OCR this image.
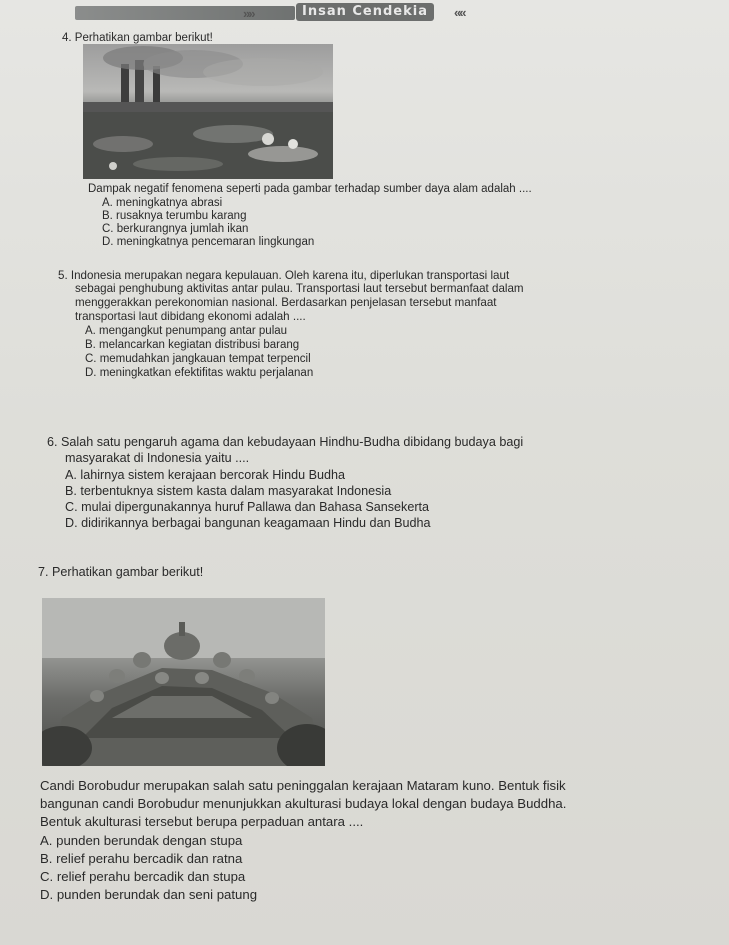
»»	Insan Cendekia	««
4. Perhatikan gambar berikut!
Dampak negatif fenomena seperti pada gambar terhadap sumber daya alam adalah ....
A. meningkatnya abrasi
B. rusaknya terumbu karang
C. berkurangnya jumlah ikan
D. meningkatnya pencemaran lingkungan
5. Indonesia merupakan negara kepulauan. Oleh karena itu, diperlukan transportasi laut
sebagai penghubung aktivitas antar pulau. Transportasi laut tersebut bermanfaat dalam
menggerakkan perekonomian nasional. Berdasarkan penjelasan tersebut manfaat
transportasi laut dibidang ekonomi adalah ....
A. mengangkut penumpang antar pulau
B. melancarkan kegiatan distribusi barang
C. memudahkan jangkauan tempat terpencil
D. meningkatkan efektifitas waktu perjalanan
6. Salah satu pengaruh agama dan kebudayaan Hindhu-Budha dibidang budaya bagi
masyarakat di Indonesia yaitu ....
A. lahirnya sistem kerajaan bercorak Hindu Budha
B. terbentuknya sistem kasta dalam masyarakat Indonesia
C. mulai dipergunakannya huruf Pallawa dan Bahasa Sansekerta
D. didirikannya berbagai bangunan keagamaan Hindu dan Budha
7. Perhatikan gambar berikut!
Candi Borobudur merupakan salah satu peninggalan kerajaan Mataram kuno. Bentuk fisik
bangunan candi Borobudur menunjukkan akulturasi budaya lokal dengan budaya Buddha.
Bentuk akulturasi tersebut berupa perpaduan antara ....
A. punden berundak dengan stupa
B. relief perahu bercadik dan ratna
C. relief perahu bercadik dan stupa
D. punden berundak dan seni patung
